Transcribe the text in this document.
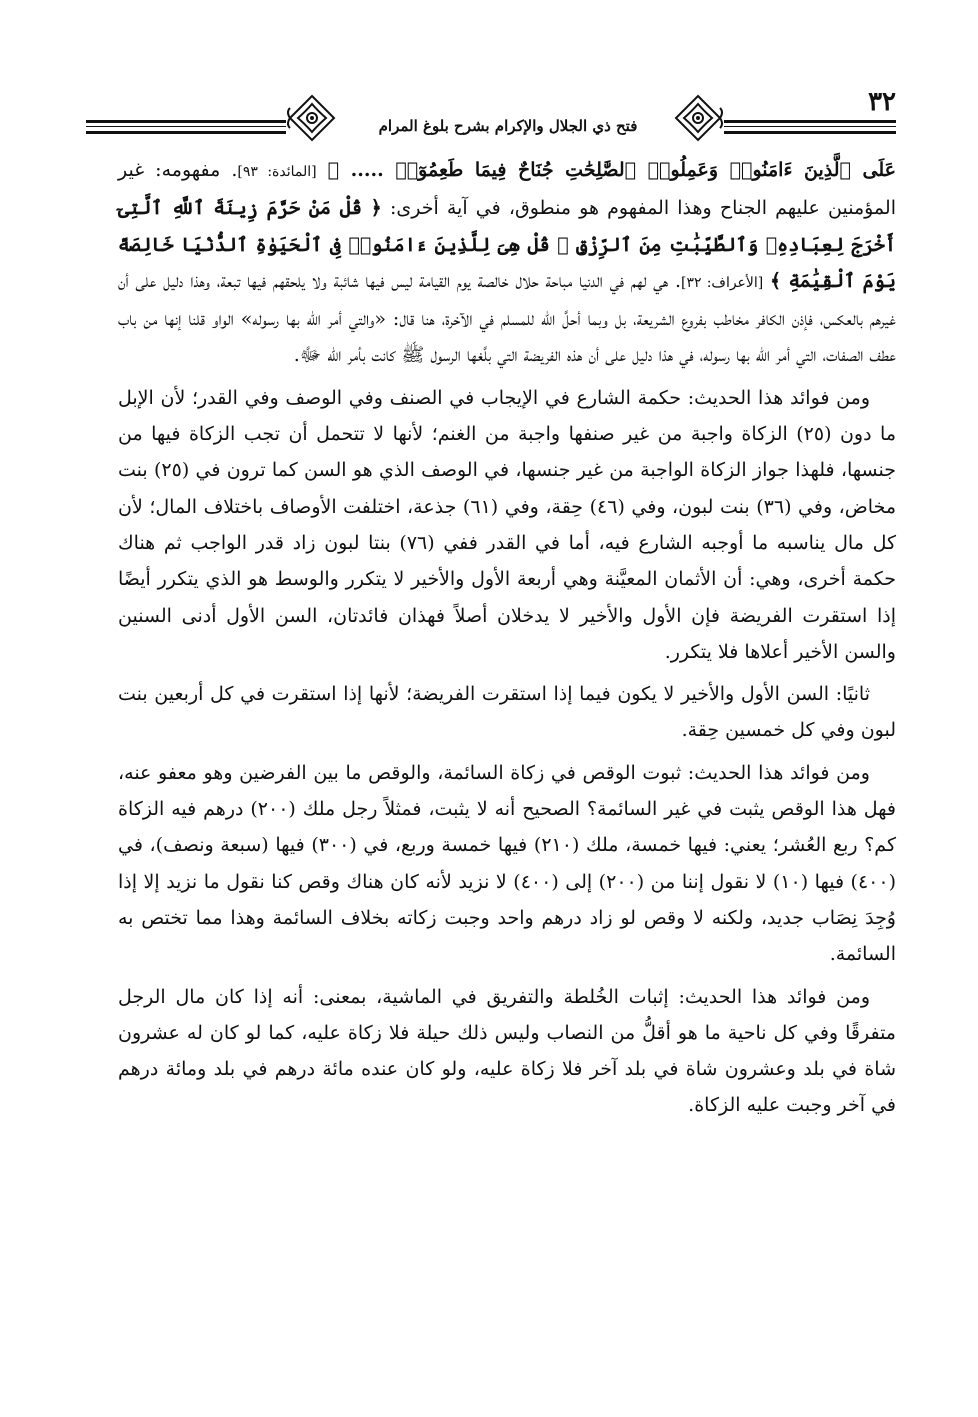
فتح ذي الجلال والإكرام بشرح بلوغ المرام
٣٢

عَلَى ٱلَّذِينَ ءَامَنُوا۟ وَعَمِلُوا۟ ٱلصَّٰلِحَٰتِ جُنَاحٌ فِيمَا طَعِمُوٓا۟ ..... ﴾ [المائدة: ٩٣]. مفهومه: غير المؤمنين عليهم الجناح وهذا المفهوم هو منطوق، في آية أخرى: ﴿ قُلْ مَنْ حَرَّمَ زِينَةَ ٱللَّهِ ٱلَّتِىٓ أَخْرَجَ لِعِبَادِهِۦ وَٱلطَّيِّبَٰتِ مِنَ ٱلرِّزْقِ ۚ قُلْ هِىَ لِلَّذِينَ ءَامَنُوا۟ فِى ٱلْحَيَوٰةِ ٱلدُّنْيَا خَالِصَةً يَوْمَ ٱلْقِيَٰمَةِ ﴾ [الأعراف: ٣٢]. هي لهم في الدنيا مباحة حلال خالصة يوم القيامة ليس فيها شائبة ولا يلحقهم فيها تبعة، وهذا دليل على أن غيرهم بالعكس، فإذن الكافر مخاطب بفروع الشريعة، بل وبما أحلَّ الله للمسلم في الآخرة، هنا قال: «والتي أمر الله بها رسوله» الواو قلنا إنها من باب عطف الصفات، التي أمر الله بها رسوله، في هذا دليل على أن هذه الفريضة التي بلَّغها الرسول ﷺ كانت بأمر الله ﷻ.

ومن فوائد هذا الحديث: حكمة الشارع في الإيجاب في الصنف وفي الوصف وفي القدر؛ لأن الإبل ما دون (٢٥) الزكاة واجبة من غير صنفها واجبة من الغنم؛ لأنها لا تتحمل أن تجب الزكاة فيها من جنسها، فلهذا جواز الزكاة الواجبة من غير جنسها، في الوصف الذي هو السن كما ترون في (٢٥) بنت مخاض، وفي (٣٦) بنت لبون، وفي (٤٦) حِقة، وفي (٦١) جذعة، اختلفت الأوصاف باختلاف المال؛ لأن كل مال يناسبه ما أوجبه الشارع فيه، أما في القدر ففي (٧٦) بنتا لبون زاد قدر الواجب ثم هناك حكمة أخرى، وهي: أن الأثمان المعيَّنة وهي أربعة الأول والأخير لا يتكرر والوسط هو الذي يتكرر أيضًا إذا استقرت الفريضة فإن الأول والأخير لا يدخلان أصلاً فهذان فائدتان، السن الأول أدنى السنين والسن الأخير أعلاها فلا يتكرر.

ثانيًا: السن الأول والأخير لا يكون فيما إذا استقرت الفريضة؛ لأنها إذا استقرت في كل أربعين بنت لبون وفي كل خمسين حِقة.

ومن فوائد هذا الحديث: ثبوت الوقص في زكاة السائمة، والوقص ما بين الفرضين وهو معفو عنه، فهل هذا الوقص يثبت في غير السائمة؟ الصحيح أنه لا يثبت، فمثلاً رجل ملك (٢٠٠) درهم فيه الزكاة كم؟ ربع العُشر؛ يعني: فيها خمسة، ملك (٢١٠) فيها خمسة وربع، في (٣٠٠) فيها (سبعة ونصف)، في (٤٠٠) فيها (١٠) لا نقول إننا من (٢٠٠) إلى (٤٠٠) لا نزيد لأنه كان هناك وقص كنا نقول ما نزيد إلا إذا وُجِدَ نِصَاب جديد، ولكنه لا وقص لو زاد درهم واحد وجبت زكاته بخلاف السائمة وهذا مما تختص به السائمة.

ومن فوائد هذا الحديث: إثبات الخُلطة والتفريق في الماشية، بمعنى: أنه إذا كان مال الرجل متفرقًا وفي كل ناحية ما هو أقلُّ من النصاب وليس ذلك حيلة فلا زكاة عليه، كما لو كان له عشرون شاة في بلد وعشرون شاة في بلد آخر فلا زكاة عليه، ولو كان عنده مائة درهم في بلد ومائة درهم في آخر وجبت عليه الزكاة.
